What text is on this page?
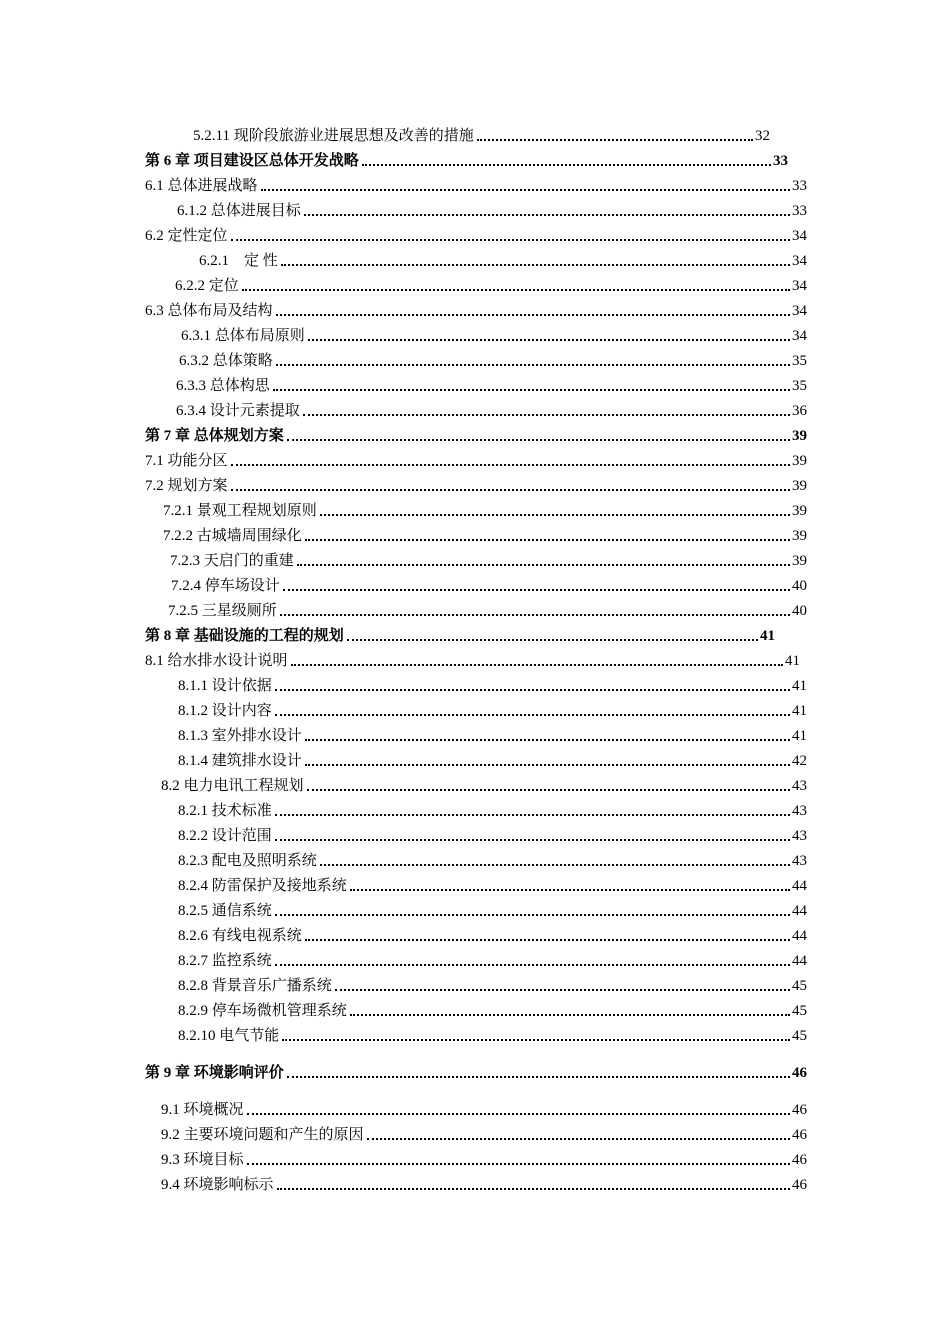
5.2.11 现阶段旅游业进展思想及改善的措施	32
第 6 章 项目建设区总体开发战略	33
6.1 总体进展战略	33
6.1.2 总体进展目标	33
6.2 定性定位	34
6.2.1　定 性	34
6.2.2 定位	34
6.3 总体布局及结构	34
6.3.1 总体布局原则	34
6.3.2 总体策略	35
6.3.3 总体构思	35
6.3.4 设计元素提取	36
第 7 章 总体规划方案	39
7.1 功能分区	39
7.2 规划方案	39
7.2.1 景观工程规划原则	39
7.2.2 古城墙周围绿化	39
7.2.3 天启门的重建	39
7.2.4 停车场设计	40
7.2.5 三星级厕所	40
第 8 章 基础设施的工程的规划	41
8.1 给水排水设计说明	41
8.1.1 设计依据	41
8.1.2 设计内容	41
8.1.3 室外排水设计	41
8.1.4 建筑排水设计	42
8.2 电力电讯工程规划	43
8.2.1 技术标准	43
8.2.2 设计范围	43
8.2.3 配电及照明系统	43
8.2.4 防雷保护及接地系统	44
8.2.5 通信系统	44
8.2.6 有线电视系统	44
8.2.7 监控系统	44
8.2.8 背景音乐广播系统	45
8.2.9 停车场微机管理系统	45
8.2.10 电气节能	45
第 9 章 环境影响评价	46
9.1 环境概况	46
9.2 主要环境问题和产生的原因	46
9.3 环境目标	46
9.4 环境影响标示	46
